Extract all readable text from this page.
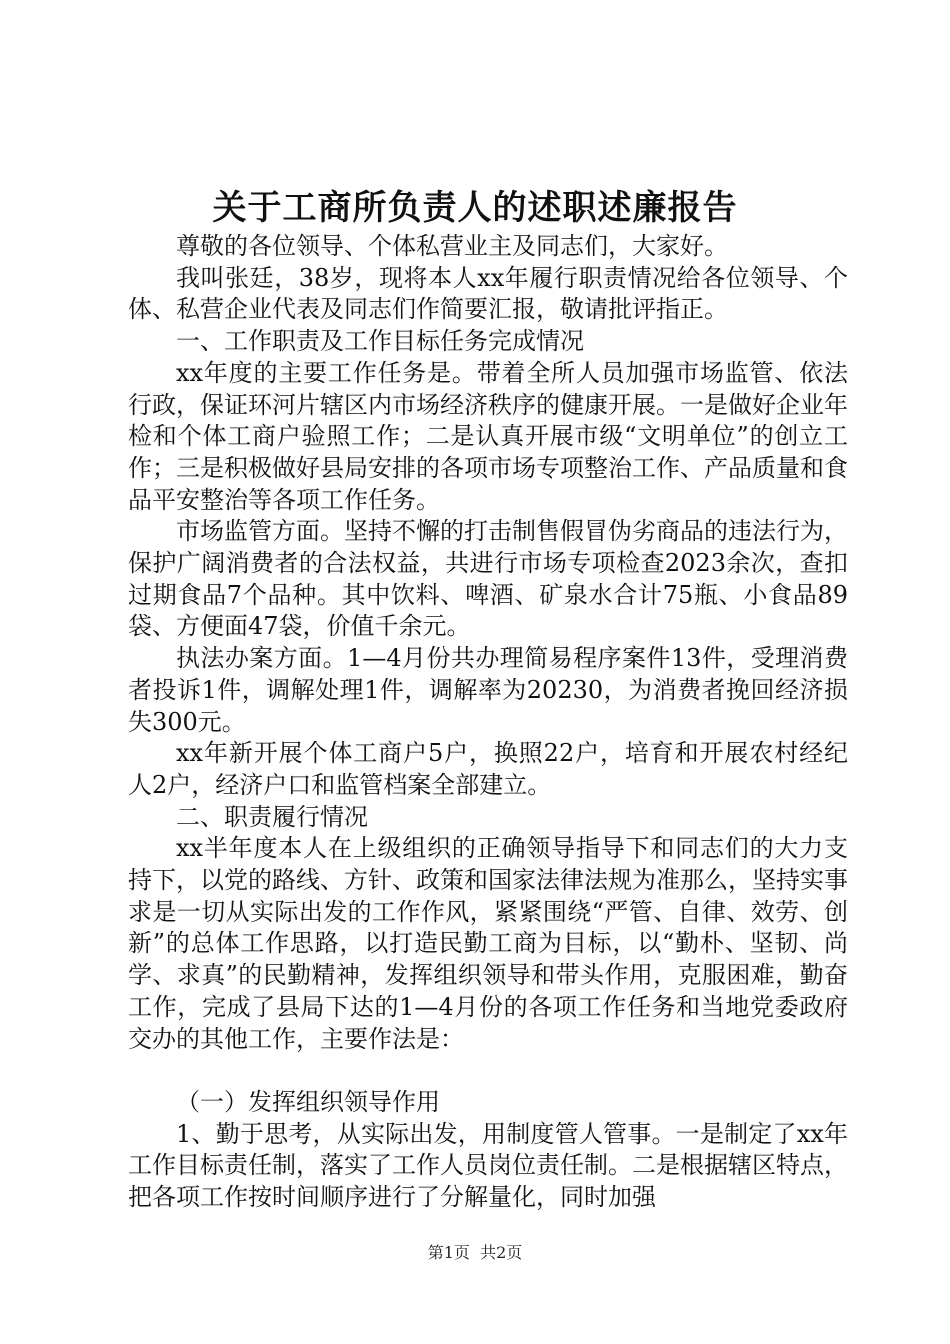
关于工商所负责人的述职述廉报告

尊敬的各位领导、个体私营业主及同志们，大家好。

我叫张廷，38岁，现将本人xx年履行职责情况给各位领导、个体、私营企业代表及同志们作简要汇报，敬请批评指正。

一、工作职责及工作目标任务完成情况

xx年度的主要工作任务是。带着全所人员加强市场监管、依法行政，保证环河片辖区内市场经济秩序的健康开展。一是做好企业年检和个体工商户验照工作；二是认真开展市级“文明单位”的创立工作；三是积极做好县局安排的各项市场专项整治工作、产品质量和食品平安整治等各项工作任务。

市场监管方面。坚持不懈的打击制售假冒伪劣商品的违法行为，保护广阔消费者的合法权益，共进行市场专项检查2023余次，查扣过期食品7个品种。其中饮料、啤酒、矿泉水合计75瓶、小食品89袋、方便面47袋，价值千余元。

执法办案方面。1—4月份共办理简易程序案件13件，受理消费者投诉1件，调解处理1件，调解率为20230，为消费者挽回经济损失300元。

xx年新开展个体工商户5户，换照22户，培育和开展农村经纪人2户，经济户口和监管档案全部建立。

二、职责履行情况

xx半年度本人在上级组织的正确领导指导下和同志们的大力支持下，以党的路线、方针、政策和国家法律法规为准那么，坚持实事求是一切从实际出发的工作作风，紧紧围绕“严管、自律、效劳、创新”的总体工作思路，以打造民勤工商为目标，以“勤朴、坚韧、尚学、求真”的民勤精神，发挥组织领导和带头作用，克服困难，勤奋工作，完成了县局下达的1—4月份的各项工作任务和当地党委政府交办的其他工作，主要作法是：

（一）发挥组织领导作用

1、勤于思考，从实际出发，用制度管人管事。一是制定了xx年工作目标责任制，落实了工作人员岗位责任制。二是根据辖区特点，把各项工作按时间顺序进行了分解量化，同时加强

第1页 共2页
